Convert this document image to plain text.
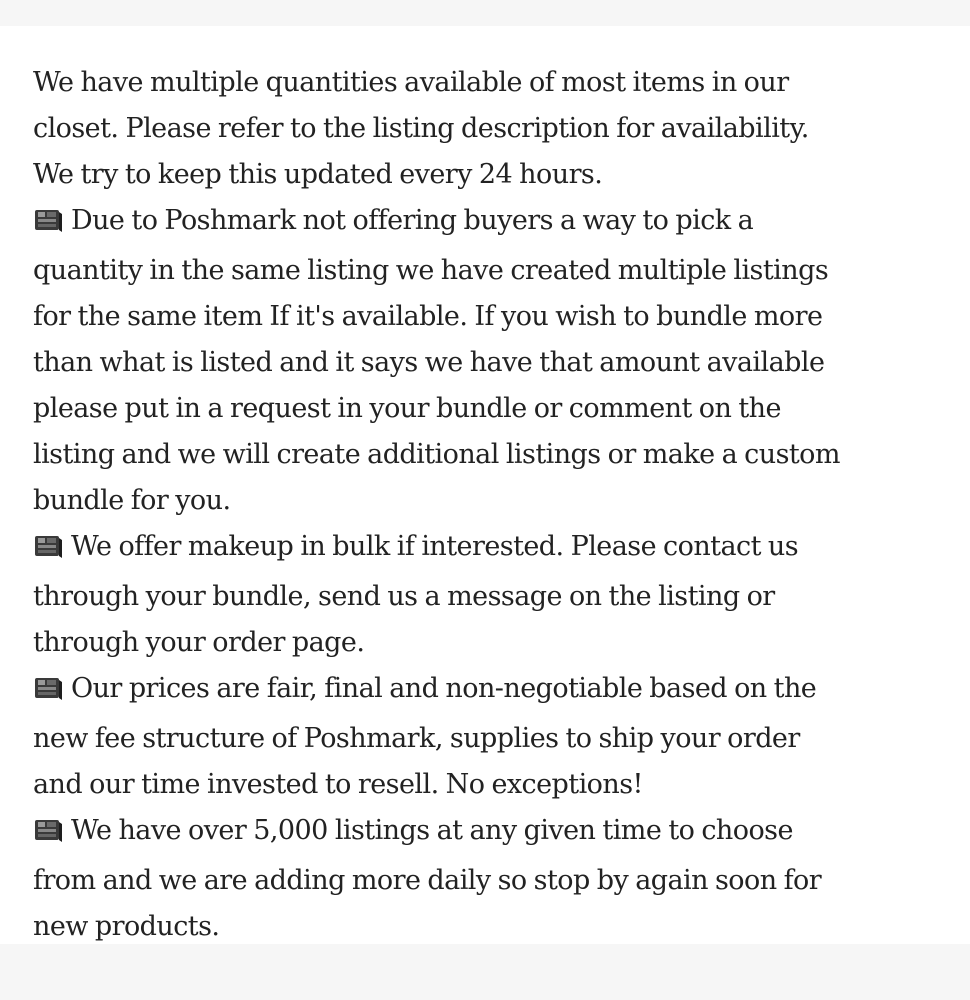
We have multiple quantities available of most items in our
closet. Please refer to the listing description for availability.
We try to keep this updated every 24 hours.

Due to Poshmark not offering buyers a way to pick a
quantity in the same listing we have created multiple listings
for the same item If it's available. If you wish to bundle more
than what is listed and it says we have that amount available
please put in a request in your bundle or comment on the
listing and we will create additional listings or make a custom
bundle for you.

We offer makeup in bulk if interested. Please contact us
through your bundle, send us a message on the listing or
through your order page.

Our prices are fair, final and non-negotiable based on the
new fee structure of Poshmark, supplies to ship your order
and our time invested to resell. No exceptions!

We have over 5,000 listings at any given time to choose
from and we are adding more daily so stop by again soon for
new products.
